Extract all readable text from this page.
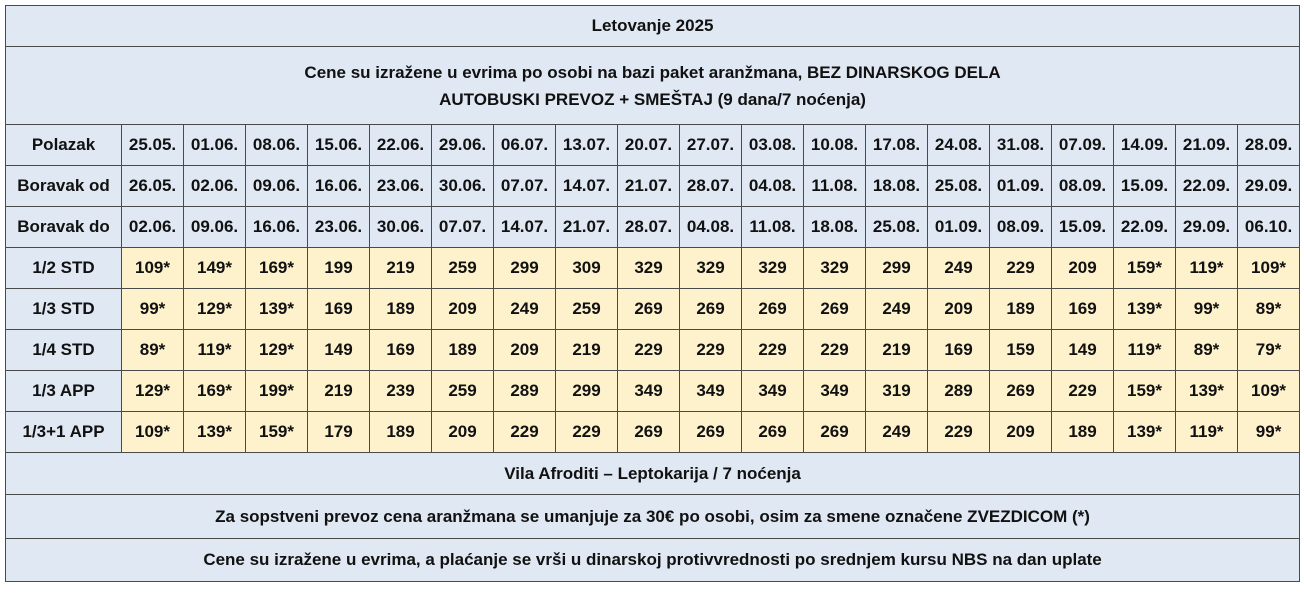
Letovanje 2025																			

Cene su izražene u evrima po osobi na bazi paket aranžmana, BEZ DINARSKOG DELA
AUTOBUSKI PREVOZ + SMEŠTAJ (9 dana/7 noćenja)																			

Polazak	25.05.	01.06.	08.06.	15.06.	22.06.	29.06.	06.07.	13.07.	20.07.	27.07.	03.08.	10.08.	17.08.	24.08.	31.08.	07.09.	14.09.	21.09.	28.09.
Boravak od	26.05.	02.06.	09.06.	16.06.	23.06.	30.06.	07.07.	14.07.	21.07.	28.07.	04.08.	11.08.	18.08.	25.08.	01.09.	08.09.	15.09.	22.09.	29.09.
Boravak do	02.06.	09.06.	16.06.	23.06.	30.06.	07.07.	14.07.	21.07.	28.07.	04.08.	11.08.	18.08.	25.08.	01.09.	08.09.	15.09.	22.09.	29.09.	06.10.
1/2 STD	109*	149*	169*	199	219	259	299	309	329	329	329	329	299	249	229	209	159*	119*	109*
1/3 STD	99*	129*	139*	169	189	209	249	259	269	269	269	269	249	209	189	169	139*	99*	89*
1/4 STD	89*	119*	129*	149	169	189	209	219	229	229	229	229	219	169	159	149	119*	89*	79*
1/3 APP	129*	169*	199*	219	239	259	289	299	349	349	349	349	319	289	269	229	159*	139*	109*
1/3+1 APP	109*	139*	159*	179	189	209	229	229	269	269	269	269	249	229	209	189	139*	119*	99*
Vila Afroditi – Leptokarija / 7 noćenja																			
Za sopstveni prevoz cena aranžmana se umanjuje za 30€ po osobi, osim za smene označene ZVEZDICOM (*)																			
Cene su izražene u evrima, a plaćanje se vrši u dinarskoj protivvrednosti po srednjem kursu NBS na dan uplate																			
